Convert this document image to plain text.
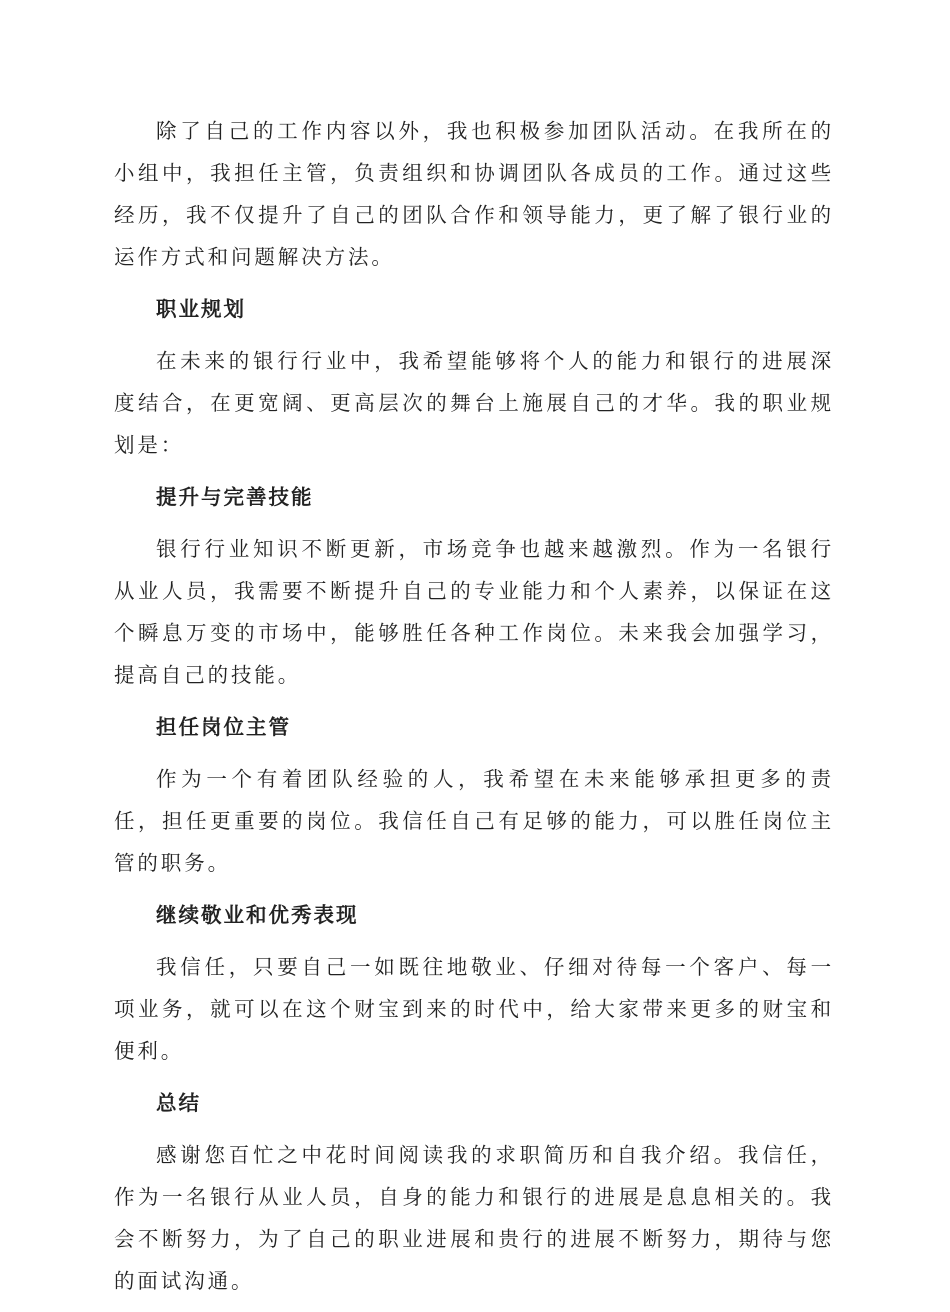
除了自己的工作内容以外，我也积极参加团队活动。在我所在的小组中，我担任主管，负责组织和协调团队各成员的工作。通过这些经历，我不仅提升了自己的团队合作和领导能力，更了解了银行业的运作方式和问题解决方法。

职业规划

在未来的银行行业中，我希望能够将个人的能力和银行的进展深度结合，在更宽阔、更高层次的舞台上施展自己的才华。我的职业规划是：

提升与完善技能

银行行业知识不断更新，市场竞争也越来越激烈。作为一名银行从业人员，我需要不断提升自己的专业能力和个人素养，以保证在这个瞬息万变的市场中，能够胜任各种工作岗位。未来我会加强学习，提高自己的技能。

担任岗位主管

作为一个有着团队经验的人，我希望在未来能够承担更多的责任，担任更重要的岗位。我信任自己有足够的能力，可以胜任岗位主管的职务。

继续敬业和优秀表现

我信任，只要自己一如既往地敬业、仔细对待每一个客户、每一项业务，就可以在这个财宝到来的时代中，给大家带来更多的财宝和便利。

总结

感谢您百忙之中花时间阅读我的求职简历和自我介绍。我信任，作为一名银行从业人员，自身的能力和银行的进展是息息相关的。我会不断努力，为了自己的职业进展和贵行的进展不断努力，期待与您的面试沟通。
